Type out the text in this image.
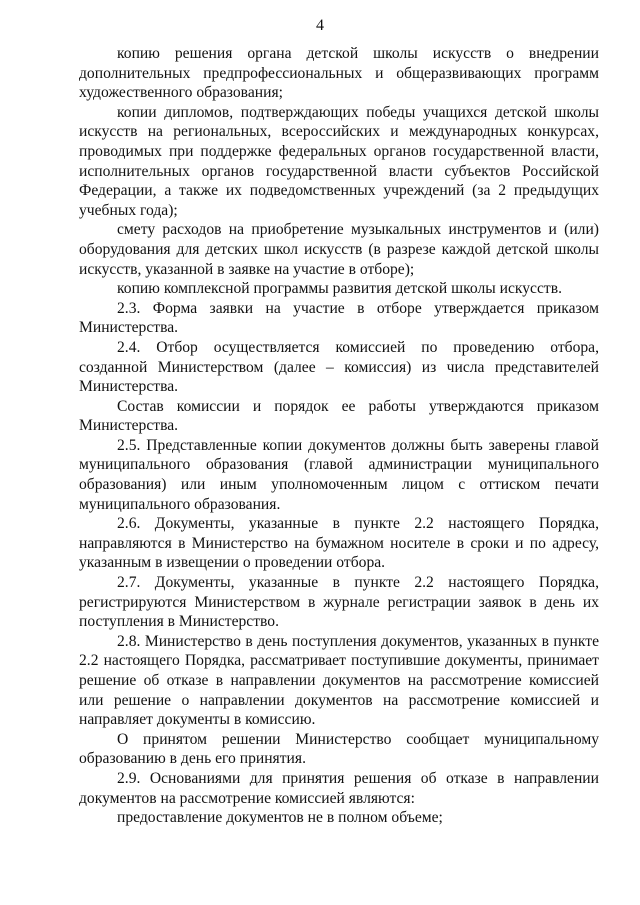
4

копию решения органа детской школы искусств о внедрении дополнительных предпрофессиональных и общеразвивающих программ художественного образования;

копии дипломов, подтверждающих победы учащихся детской школы искусств на региональных, всероссийских и международных конкурсах, проводимых при поддержке федеральных органов государственной власти, исполнительных органов государственной власти субъектов Российской Федерации, а также их подведомственных учреждений (за 2 предыдущих учебных года);

смету расходов на приобретение музыкальных инструментов и (или) оборудования для детских школ искусств (в разрезе каждой детской школы искусств, указанной в заявке на участие в отборе);

копию комплексной программы развития детской школы искусств.

2.3. Форма заявки на участие в отборе утверждается приказом Министерства.

2.4. Отбор осуществляется комиссией по проведению отбора, созданной Министерством (далее – комиссия) из числа представителей Министерства.

Состав комиссии и порядок ее работы утверждаются приказом Министерства.

2.5. Представленные копии документов должны быть заверены главой муниципального образования (главой администрации муниципального образования) или иным уполномоченным лицом с оттиском печати муниципального образования.

2.6. Документы, указанные в пункте 2.2 настоящего Порядка, направляются в Министерство на бумажном носителе в сроки и по адресу, указанным в извещении о проведении отбора.

2.7. Документы, указанные в пункте 2.2 настоящего Порядка, регистрируются Министерством в журнале регистрации заявок в день их поступления в Министерство.

2.8. Министерство в день поступления документов, указанных в пункте 2.2 настоящего Порядка, рассматривает поступившие документы, принимает решение об отказе в направлении документов на рассмотрение комиссией или решение о направлении документов на рассмотрение комиссией и направляет документы в комиссию.

О принятом решении Министерство сообщает муниципальному образованию в день его принятия.

2.9. Основаниями для принятия решения об отказе в направлении документов на рассмотрение комиссией являются:

предоставление документов не в полном объеме;
